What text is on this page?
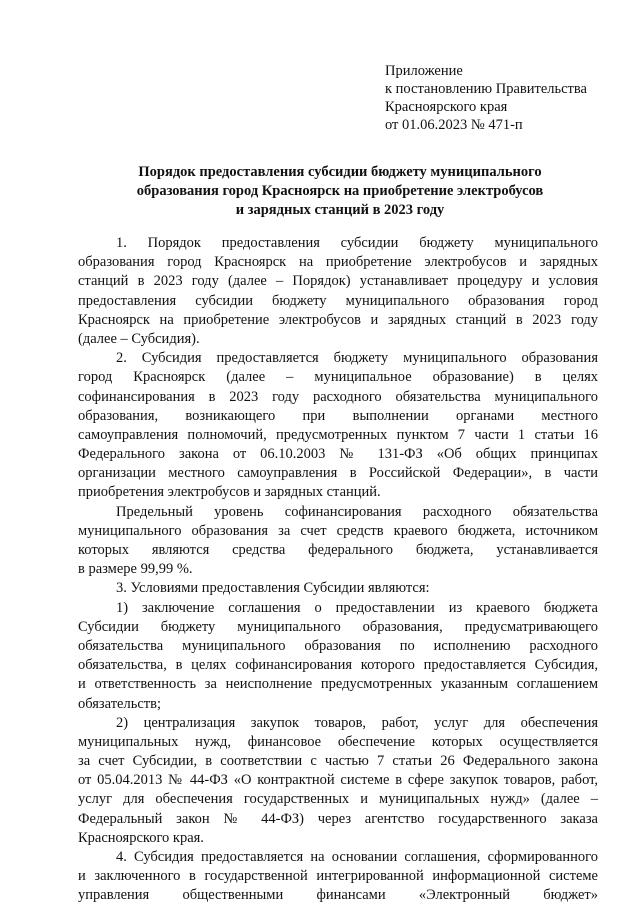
Приложение
к постановлению Правительства
Красноярского края
от 01.06.2023 № 471-п
Порядок предоставления субсидии бюджету муниципального
образования город Красноярск на приобретение электробусов
и зарядных станций в 2023 году
1. Порядок предоставления субсидии бюджету муниципального
образования город Красноярск на приобретение электробусов и зарядных
станций в 2023 году (далее – Порядок) устанавливает процедуру и условия
предоставления субсидии бюджету муниципального образования город
Красноярск на приобретение электробусов и зарядных станций в 2023 году
(далее – Субсидия).
2. Субсидия предоставляется бюджету муниципального образования
город Красноярск (далее – муниципальное образование) в целях
софинансирования в 2023 году расходного обязательства муниципального
образования, возникающего при выполнении органами местного
самоуправления полномочий, предусмотренных пунктом 7 части 1 статьи 16
Федерального закона от 06.10.2003 № 131-ФЗ «Об общих принципах
организации местного самоуправления в Российской Федерации», в части
приобретения электробусов и зарядных станций.
Предельный уровень софинансирования расходного обязательства
муниципального образования за счет средств краевого бюджета, источником
которых являются средства федерального бюджета, устанавливается
в размере 99,99 %.
3. Условиями предоставления Субсидии являются:
1) заключение соглашения о предоставлении из краевого бюджета
Субсидии бюджету муниципального образования, предусматривающего
обязательства муниципального образования по исполнению расходного
обязательства, в целях софинансирования которого предоставляется Субсидия,
и ответственность за неисполнение предусмотренных указанным соглашением
обязательств;
2) централизация закупок товаров, работ, услуг для обеспечения
муниципальных нужд, финансовое обеспечение которых осуществляется
за счет Субсидии, в соответствии с частью 7 статьи 26 Федерального закона
от 05.04.2013 № 44-ФЗ «О контрактной системе в сфере закупок товаров, работ,
услуг для обеспечения государственных и муниципальных нужд» (далее –
Федеральный закон № 44-ФЗ) через агентство государственного заказа
Красноярского края.
4. Субсидия предоставляется на основании соглашения, сформированного
и заключенного в государственной интегрированной информационной системе
управления общественными финансами «Электронный бюджет»
